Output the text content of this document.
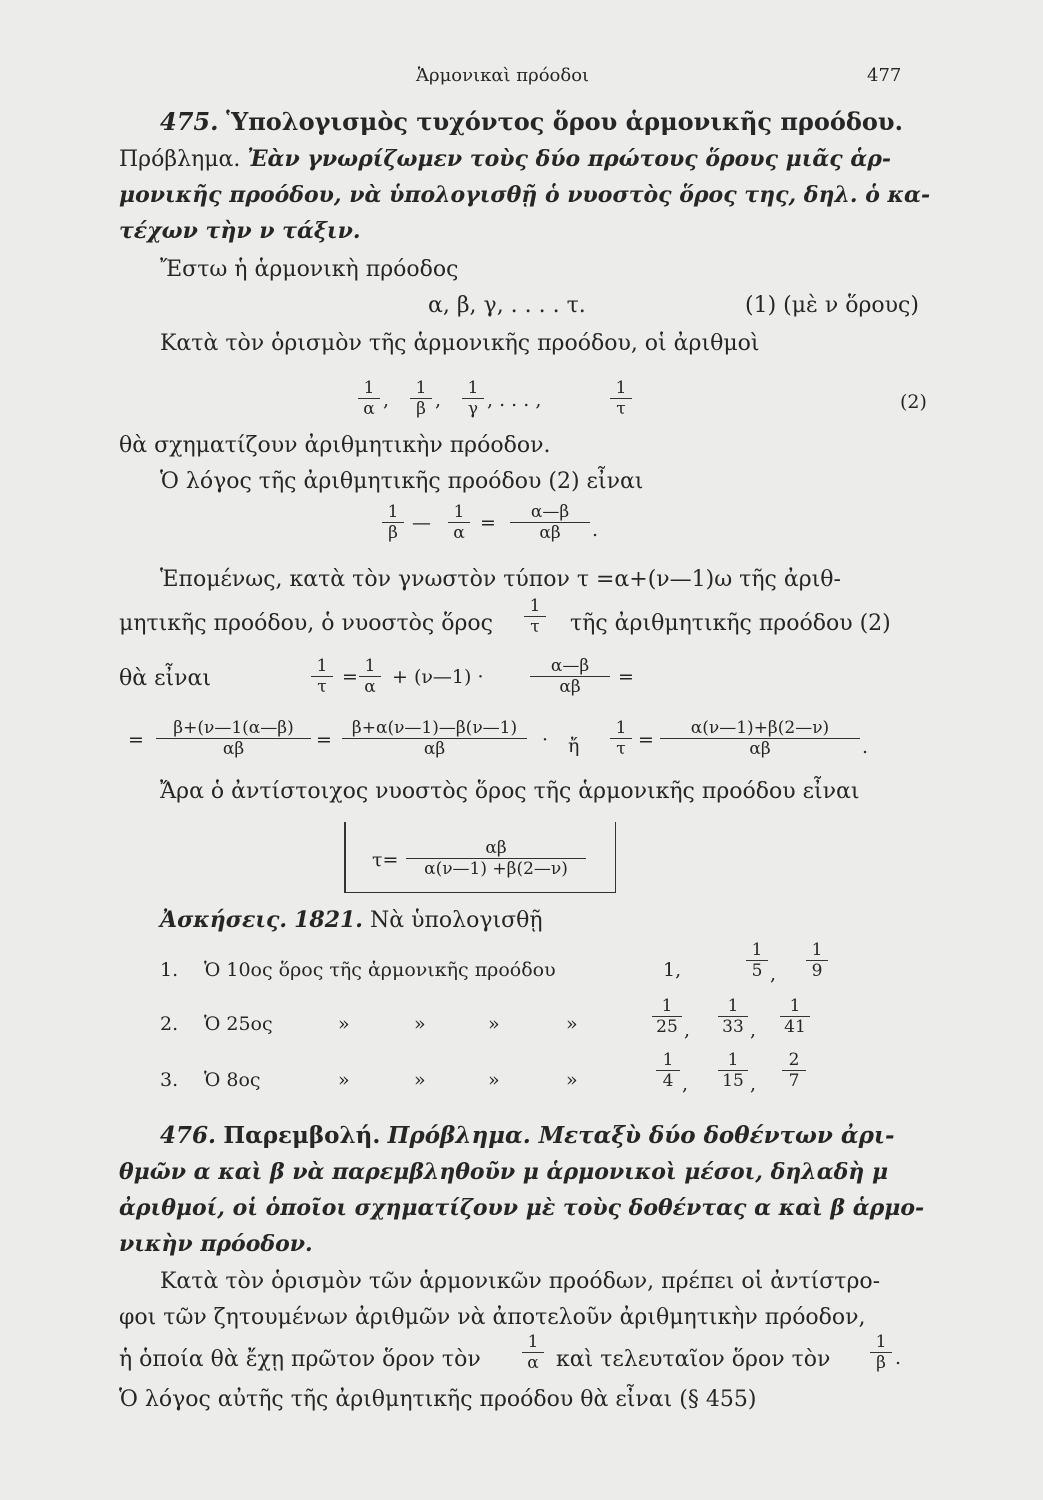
Ἁρμονικαὶ πρόοδοι	477
475. Ὑπολογισμὸς τυχόντος ὅρου ἁρμονικῆς προόδου.
Πρόβλημα. Ἐὰν γνωρίζωμεν τοὺς δύο πρώτους ὅρους μιᾶς ἁρ-
μονικῆς προόδου, νὰ ὑπολογισθῇ ὁ νυοστὸς ὅρος της, δηλ. ὁ κα-
τέχων τὴν ν τάξιν.
Ἔστω ἡ ἁρμονικὴ πρόοδος
α, β, γ, . . . . τ.	(1) (μὲ ν ὅρους)
Κατὰ τὸν ὁρισμὸν τῆς ἁρμονικῆς προόδου, οἱ ἀριθμοὶ
$\frac{1}{\alpha}$ , $\frac{1}{\beta}$ , $\frac{1}{\gamma}$ , . . . ,	$\frac{1}{\tau}$	(2)
θὰ σχηματίζουν ἀριθμητικὴν πρόοδον.
Ὁ λόγος τῆς ἀριθμητικῆς προόδου (2) εἶναι
$\frac{1}{\beta}$ — $\frac{1}{\alpha} = \frac{\alpha—\beta}{\alpha\beta}$ .
Ἑπομένως, κατὰ τὸν γνωστὸν τύπον τ =α+(ν—1)ω τῆς ἀριθ-
μητικῆς προόδου, ὁ νυοστὸς ὅρος $\frac{1}{\tau}$ τῆς ἀριθμητικῆς προόδου (2)
θὰ εἶναι	$\frac{1}{\tau} = \frac{1}{\alpha}$ + (ν—1) ·	$\frac{\alpha—\beta}{\alpha\beta}$ =
= $\frac{\beta+(\nu—1(\alpha—\beta)}{\alpha\beta} = \frac{\beta+\alpha(\nu—1)—\beta(\nu—1)}{\alpha\beta}$ · ἤ $\frac{1}{\tau} = \frac{\alpha(\nu—1)+\beta(2—\nu)}{\alpha\beta}$ .
Ἄρα ὁ ἀντίστοιχος νυοστὸς ὅρος τῆς ἁρμονικῆς προόδου εἶναι
$\tau= \frac{\alpha\beta}{\alpha(\nu—1) +\beta(2—\nu)}$
Ἀσκήσεις. 1821. Νὰ ὑπολογισθῇ
1. Ὁ 10ος ὅρος τῆς ἁρμονικῆς προόδου	1,	$\frac{1}{5}$ , $\frac{1}{9}$
2. Ὁ 25ος	»	»	»	»	$\frac{1}{25}$ , $\frac{1}{33}$ , $\frac{1}{41}$
3. Ὁ 8ος	»	»	»	»	$\frac{1}{4}$ , $\frac{1}{15}$ , $\frac{2}{7}$
476. Παρεμβολή. Πρόβλημα. Μεταξὺ δύο δοθέντων ἀρι-
θμῶν α καὶ β νὰ παρεμβληθοῦν μ ἁρμονικοὶ μέσοι, δηλαδὴ μ
ἀριθμοί, οἱ ὁποῖοι σχηματίζουν μὲ τοὺς δοθέντας α καὶ β ἁρμο-
νικὴν πρόοδον.
Κατὰ τὸν ὁρισμὸν τῶν ἁρμονικῶν προόδων, πρέπει οἱ ἀντίστρο-
φοι τῶν ζητουμένων ἀριθμῶν νὰ ἀποτελοῦν ἀριθμητικὴν πρόοδον,
ἡ ὁποία θὰ ἔχῃ πρῶτον ὅρον τὸν $\frac{1}{\alpha}$ καὶ τελευταῖον ὅρον τὸν $\frac{1}{\beta}$ .
Ὁ λόγος αὐτῆς τῆς ἀριθμητικῆς προόδου θὰ εἶναι (§ 455)
